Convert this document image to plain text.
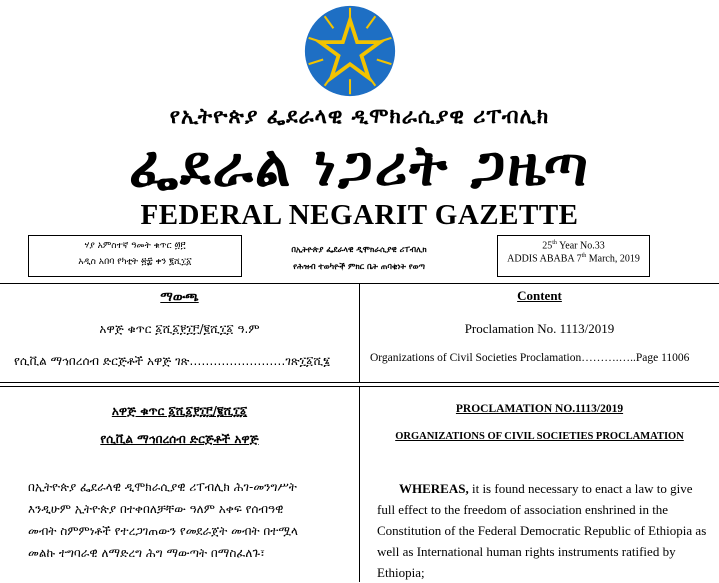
የኢትዮጵያ ፌደራላዊ ዲሞክራሲያዊ ሪፐብሊክ
ፌደራል ነጋሪት ጋዜጣ
FEDERAL NEGARIT GAZETTE
ሃያ አምስተኛ ዓመት ቁጥር ፴፫
አዲስ አበባ የካቲት ፳፰ ቀን ፪ሺ፲፩
በኢትዮጵያ ፌደራላዊ ዲሞክራሲያዊ ሪፐብሊክ
የሕዝብ ተወካዮች ምክር ቤት ጠባቂነት የወጣ
25th Year No.33
ADDIS ABABA 7th March, 2019
ማውጫ
አዋጅ ቁጥር ፩ሺ፩፻፲፫/፪ሺ፲፩ ዓ.ም
የሲቪል ማኅበረሰብ ድርጅቶች አዋጅ ገጽ……………………ገጽ፲፩ሺ፮
Content
Proclamation No. 1113/2019
Organizations of Civil Societies Proclamation……….…..Page 11006
አዋጅ ቁጥር ፩ሺ፩፻፲፫/፪ሺ፲፩
የሲቪል ማኅበረሰብ ድርጅቶች አዋጅ
በኢትዮጵያ ፌደራላዊ ዲሞክራሲያዊ ሪፐብሊክ ሕገ-መንግሥት
እንዲሁም ኢትዮጵያ በተቀበለቻቸው ዓለም አቀፍ የሰብዓዊ
መብት ስምምነቶች የተረጋገጠውን የመደራጀት መብት በተሟላ
መልኩ ተግባራዊ ለማድረግ ሕግ ማውጣት በማስፈለጉ፣
PROCLAMATION NO.1113/2019
ORGANIZATIONS OF CIVIL SOCIETIES PROCLAMATION
WHEREAS, it is found necessary to enact a law to give
full effect to the freedom of association enshrined in the
Constitution of the Federal Democratic Republic of Ethiopia as
well as International human rights instruments ratified by
Ethiopia;
